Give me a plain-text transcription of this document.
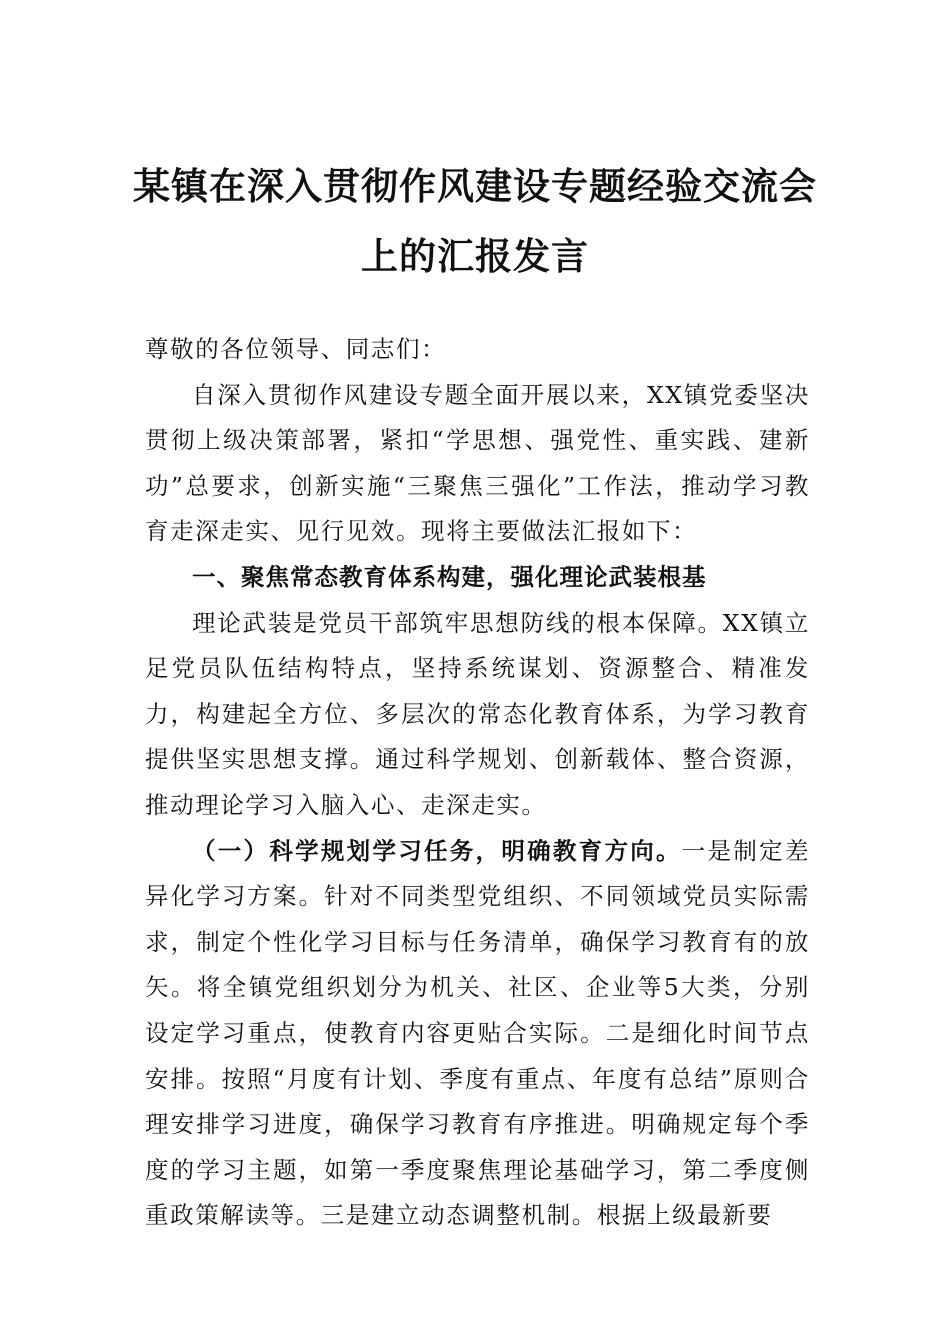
某镇在深入贯彻作风建设专题经验交流会
上的汇报发言

尊敬的各位领导、同志们：

自深入贯彻作风建设专题全面开展以来，XX镇党委坚决贯彻上级决策部署，紧扣“学思想、强党性、重实践、建新功”总要求，创新实施“三聚焦三强化”工作法，推动学习教育走深走实、见行见效。现将主要做法汇报如下：

一、聚焦常态教育体系构建，强化理论武装根基

理论武装是党员干部筑牢思想防线的根本保障。XX镇立足党员队伍结构特点，坚持系统谋划、资源整合、精准发力，构建起全方位、多层次的常态化教育体系，为学习教育提供坚实思想支撑。通过科学规划、创新载体、整合资源，推动理论学习入脑入心、走深走实。

（一）科学规划学习任务，明确教育方向。一是制定差异化学习方案。针对不同类型党组织、不同领域党员实际需求，制定个性化学习目标与任务清单，确保学习教育有的放矢。将全镇党组织划分为机关、社区、企业等5大类，分别设定学习重点，使教育内容更贴合实际。二是细化时间节点安排。按照“月度有计划、季度有重点、年度有总结”原则合理安排学习进度，确保学习教育有序推进。明确规定每个季度的学习主题，如第一季度聚焦理论基础学习，第二季度侧重政策解读等。三是建立动态调整机制。根据上级最新要
